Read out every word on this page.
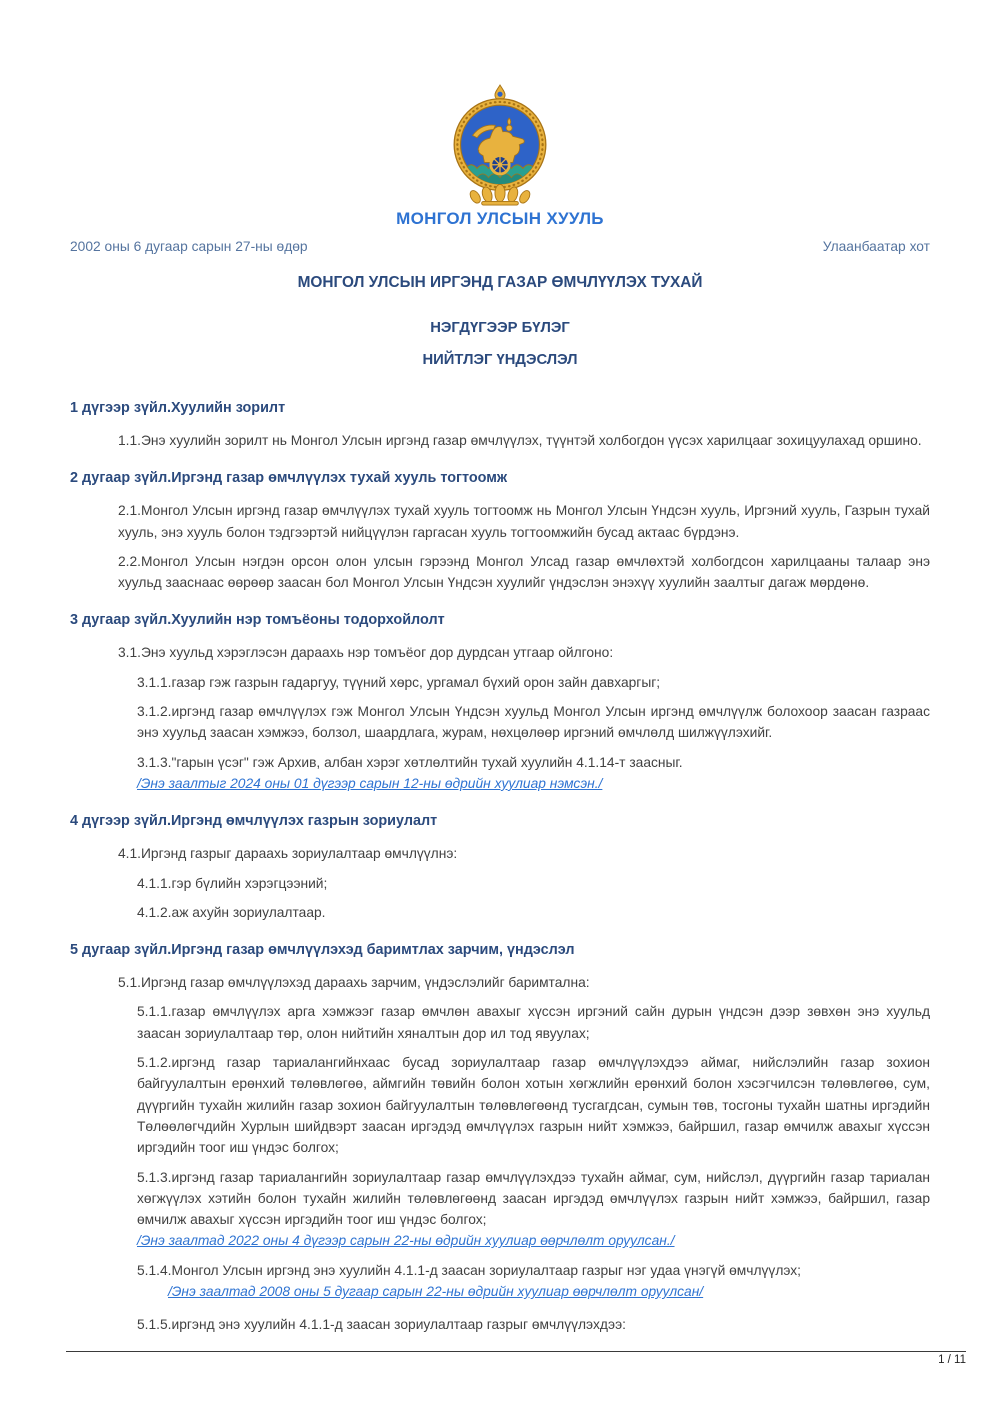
МОНГОЛ УЛСЫН ХУУЛЬ
2002 оны 6 дугаар сарын 27-ны өдөр	Улаанбаатар хот
МОНГОЛ УЛСЫН ИРГЭНД ГАЗАР ӨМЧЛҮҮЛЭХ ТУХАЙ
НЭГДҮГЭЭР БҮЛЭГ
НИЙТЛЭГ ҮНДЭСЛЭЛ
1 дүгээр зүйл.Хуулийн зорилт

1.1.Энэ хуулийн зорилт нь Монгол Улсын иргэнд газар өмчлүүлэх, түүнтэй холбогдон үүсэх харилцааг зохицуулахад оршино.

2 дугаар зүйл.Иргэнд газар өмчлүүлэх тухай хууль тогтоомж

2.1.Монгол Улсын иргэнд газар өмчлүүлэх тухай хууль тогтоомж нь Монгол Улсын Үндсэн хууль, Иргэний хууль, Газрын тухай хууль, энэ хууль болон тэдгээртэй нийцүүлэн гаргасан хууль тогтоомжийн бусад актаас бүрдэнэ.

2.2.Монгол Улсын нэгдэн орсон олон улсын гэрээнд Монгол Улсад газар өмчлөхтэй холбогдсон харилцааны талаар энэ хуульд зааснаас өөрөөр заасан бол Монгол Улсын Үндсэн хуулийг үндэслэн энэхүү хуулийн заалтыг дагаж мөрдөнө.

3 дугаар зүйл.Хуулийн нэр томъёоны тодорхойлолт

3.1.Энэ хуульд хэрэглэсэн дараахь нэр томъёог дор дурдсан утгаар ойлгоно:

3.1.1.газар гэж газрын гадаргуу, түүний хөрс, ургамал бүхий орон зайн давхаргыг;

3.1.2.иргэнд газар өмчлүүлэх гэж Монгол Улсын Үндсэн хуульд Монгол Улсын иргэнд өмчлүүлж болохоор заасан газраас энэ хуульд заасан хэмжээ, болзол, шаардлага, журам, нөхцөлөөр иргэний өмчлөлд шилжүүлэхийг.

3.1.3."гарын үсэг" гэж Архив, албан хэрэг хөтлөлтийн тухай хуулийн 4.1.14-т заасныг.

/Энэ заалтыг 2024 оны 01 дүгээр сарын 12-ны өдрийн хуулиар нэмсэн./

4 дүгээр зүйл.Иргэнд өмчлүүлэх газрын зориулалт

4.1.Иргэнд газрыг дараахь зориулалтаар өмчлүүлнэ:

4.1.1.гэр бүлийн хэрэгцээний;

4.1.2.аж ахуйн зориулалтаар.

5 дугаар зүйл.Иргэнд газар өмчлүүлэхэд баримтлах зарчим, үндэслэл

5.1.Иргэнд газар өмчлүүлэхэд дараахь зарчим, үндэслэлийг баримтална:

5.1.1.газар өмчлүүлэх арга хэмжээг газар өмчлөн авахыг хүссэн иргэний сайн дурын үндсэн дээр зөвхөн энэ хуульд заасан зориулалтаар төр, олон нийтийн хяналтын дор ил тод явуулах;

5.1.2.иргэнд газар тариалангийнхаас бусад зориулалтаар газар өмчлүүлэхдээ аймаг, нийслэлийн газар зохион байгуулалтын ерөнхий төлөвлөгөө, аймгийн төвийн болон хотын хөгжлийн ерөнхий болон хэсэгчилсэн төлөвлөгөө, сум, дүүргийн тухайн жилийн газар зохион байгуулалтын төлөвлөгөөнд тусгагдсан, сумын төв, тосгоны тухайн шатны иргэдийн Төлөөлөгчдийн Хурлын шийдвэрт заасан иргэдэд өмчлүүлэх газрын нийт хэмжээ, байршил, газар өмчилж авахыг хүссэн иргэдийн тоог иш үндэс болгох;

5.1.3.иргэнд газар тариалангийн зориулалтаар газар өмчлүүлэхдээ тухайн аймаг, сум, нийслэл, дүүргийн газар тариалан хөгжүүлэх хэтийн болон тухайн жилийн төлөвлөгөөнд заасан иргэдэд өмчлүүлэх газрын нийт хэмжээ, байршил, газар өмчилж авахыг хүссэн иргэдийн тоог иш үндэс болгох;

/Энэ заалтад 2022 оны 4 дүгээр сарын 22-ны өдрийн хуулиар өөрчлөлт оруулсан./

5.1.4.Монгол Улсын иргэнд энэ хуулийн 4.1.1-д заасан зориулалтаар газрыг нэг удаа үнэгүй өмчлүүлэх;

/Энэ заалтад 2008 оны 5 дугаар сарын 22-ны өдрийн хуулиар өөрчлөлт оруулсан/

5.1.5.иргэнд энэ хуулийн 4.1.1-д заасан зориулалтаар газрыг өмчлүүлэхдээ:

1 / 11
